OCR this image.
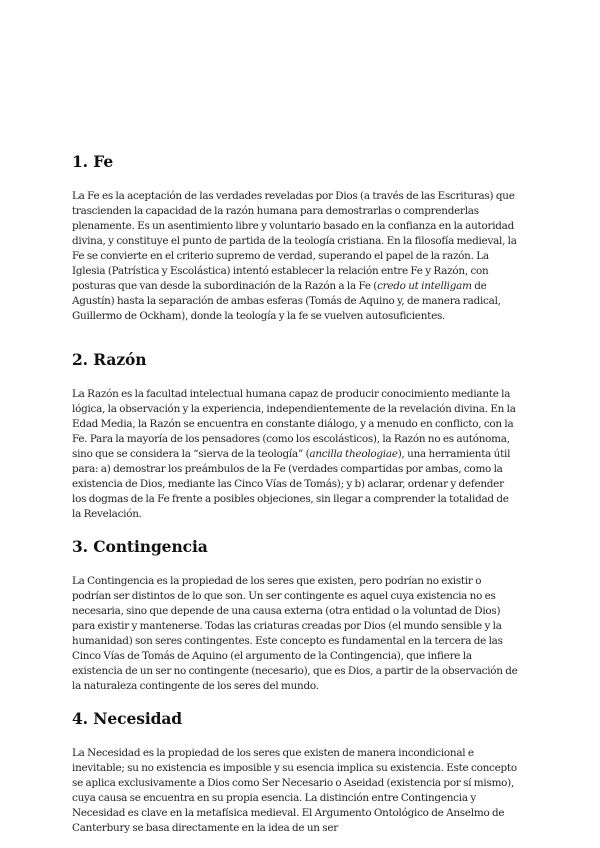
1. Fe

La Fe es la aceptación de las verdades reveladas por Dios (a través de las Escrituras) que trascienden la capacidad de la razón humana para demostrarlas o comprenderlas plenamente. Es un asentimiento libre y voluntario basado en la confianza en la autoridad divina, y constituye el punto de partida de la teología cristiana. En la filosofía medieval, la Fe se convierte en el criterio supremo de verdad, superando el papel de la razón. La Iglesia (Patrística y Escolástica) intentó establecer la relación entre Fe y Razón, con posturas que van desde la subordinación de la Razón a la Fe (credo ut intelligam de Agustín) hasta la separación de ambas esferas (Tomás de Aquino y, de manera radical, Guillermo de Ockham), donde la teología y la fe se vuelven autosuficientes.

2. Razón

La Razón es la facultad intelectual humana capaz de producir conocimiento mediante la lógica, la observación y la experiencia, independientemente de la revelación divina. En la Edad Media, la Razón se encuentra en constante diálogo, y a menudo en conflicto, con la Fe. Para la mayoría de los pensadores (como los escolásticos), la Razón no es autónoma, sino que se considera la “sierva de la teología” (ancilla theologiae), una herramienta útil para: a) demostrar los preámbulos de la Fe (verdades compartidas por ambas, como la existencia de Dios, mediante las Cinco Vías de Tomás); y b) aclarar, ordenar y defender los dogmas de la Fe frente a posibles objeciones, sin llegar a comprender la totalidad de la Revelación.

3. Contingencia

La Contingencia es la propiedad de los seres que existen, pero podrían no existir o podrían ser distintos de lo que son. Un ser contingente es aquel cuya existencia no es necesaria, sino que depende de una causa externa (otra entidad o la voluntad de Dios) para existir y mantenerse. Todas las criaturas creadas por Dios (el mundo sensible y la humanidad) son seres contingentes. Este concepto es fundamental en la tercera de las Cinco Vías de Tomás de Aquino (el argumento de la Contingencia), que infiere la existencia de un ser no contingente (necesario), que es Dios, a partir de la observación de la naturaleza contingente de los seres del mundo.

4. Necesidad

La Necesidad es la propiedad de los seres que existen de manera incondicional e inevitable; su no existencia es imposible y su esencia implica su existencia. Este concepto se aplica exclusivamente a Dios como Ser Necesario o Aseidad (existencia por sí mismo), cuya causa se encuentra en su propia esencia. La distinción entre Contingencia y Necesidad es clave en la metafísica medieval. El Argumento Ontológico de Anselmo de Canterbury se basa directamente en la idea de un ser
